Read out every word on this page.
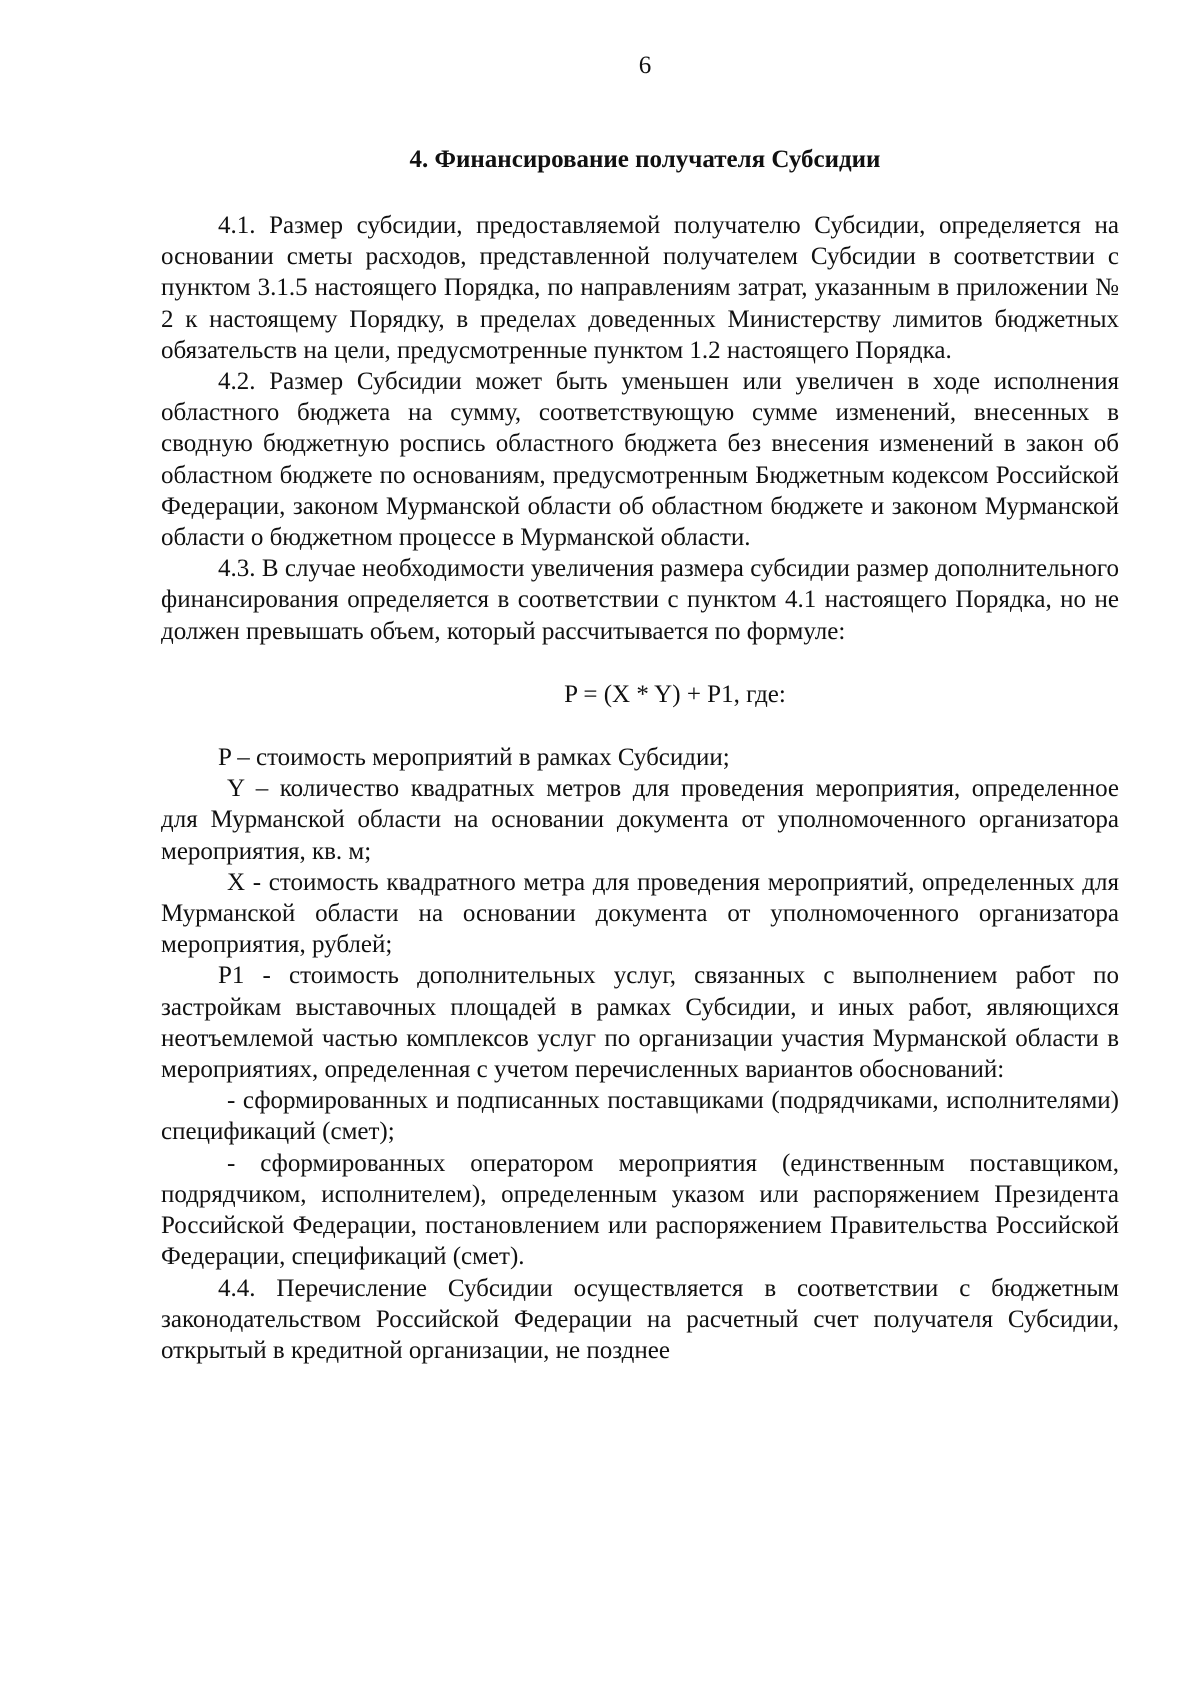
6
4. Финансирование получателя Субсидии

4.1. Размер субсидии, предоставляемой получателю Субсидии, определяется на основании сметы расходов, представленной получателем Субсидии в соответствии с пунктом 3.1.5 настоящего Порядка, по направлениям затрат, указанным в приложении № 2 к настоящему Порядку, в пределах доведенных Министерству лимитов бюджетных обязательств на цели, предусмотренные пунктом 1.2 настоящего Порядка.

4.2. Размер Субсидии может быть уменьшен или увеличен в ходе исполнения областного бюджета на сумму, соответствующую сумме изменений, внесенных в сводную бюджетную роспись областного бюджета без внесения изменений в закон об областном бюджете по основаниям, предусмотренным Бюджетным кодексом Российской Федерации, законом Мурманской области об областном бюджете и законом Мурманской области о бюджетном процессе в Мурманской области.

4.3. В случае необходимости увеличения размера субсидии размер дополнительного финансирования определяется в соответствии с пунктом 4.1 настоящего Порядка, но не должен превышать объем, который рассчитывается по формуле:

P = (X * Y) + P1, где:

P – стоимость мероприятий в рамках Субсидии;

Y – количество квадратных метров для проведения мероприятия, определенное для Мурманской области на основании документа от уполномоченного организатора мероприятия, кв. м;

X - стоимость квадратного метра для проведения мероприятий, определенных для Мурманской области на основании документа от уполномоченного организатора мероприятия, рублей;

P1 - стоимость дополнительных услуг, связанных с выполнением работ по застройкам выставочных площадей в рамках Субсидии, и иных работ, являющихся неотъемлемой частью комплексов услуг по организации участия Мурманской области в мероприятиях, определенная с учетом перечисленных вариантов обоснований:

- сформированных и подписанных поставщиками (подрядчиками, исполнителями) спецификаций (смет);

- сформированных оператором мероприятия (единственным поставщиком, подрядчиком, исполнителем), определенным указом или распоряжением Президента Российской Федерации, постановлением или распоряжением Правительства Российской Федерации, спецификаций (смет).

4.4. Перечисление Субсидии осуществляется в соответствии с бюджетным законодательством Российской Федерации на расчетный счет получателя Субсидии, открытый в кредитной организации, не позднее
